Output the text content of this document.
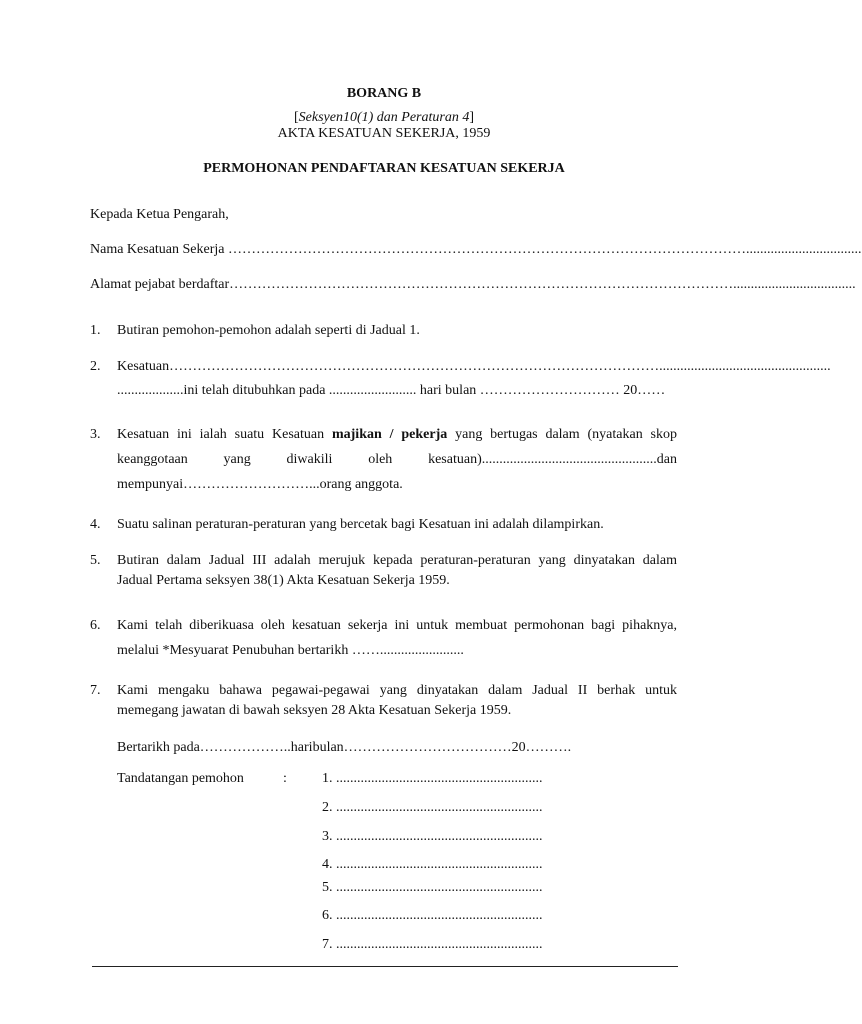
BORANG B
[Seksyen10(1) dan Peraturan 4]
AKTA KESATUAN SEKERJA, 1959
PERMOHONAN PENDAFTARAN KESATUAN SEKERJA
Kepada Ketua Pengarah,
Nama Kesatuan Sekerja ………………………………………………………………………………………………….................................
Alamat pejabat berdaftar………………………………………………………………………………………………...................................
1. Butiran pemohon-pemohon adalah seperti di Jadual 1.
2. Kesatuan…………………………………………………………………………………………….................................................
...................ini telah ditubuhkan pada ......................... hari bulan ………………………… 20……
3. Kesatuan ini ialah suatu Kesatuan majikan / pekerja yang bertugas dalam (nyatakan skop
keanggotaan	yang	diwakili	oleh	kesatuan)..................................................dan
mempunyai………………………...orang anggota.
4. Suatu salinan peraturan-peraturan yang bercetak bagi Kesatuan ini adalah dilampirkan.
5. Butiran dalam Jadual III adalah merujuk kepada peraturan-peraturan yang dinyatakan dalam
Jadual Pertama seksyen 38(1) Akta Kesatuan Sekerja 1959.
6. Kami telah diberikuasa oleh kesatuan sekerja ini untuk membuat permohonan bagi pihaknya,
melalui *Mesyuarat Penubuhan bertarikh ……........................
7. Kami mengaku bahawa pegawai-pegawai yang dinyatakan dalam Jadual II berhak untuk
memegang jawatan di bawah seksyen 28 Akta Kesatuan Sekerja 1959.
Bertarikh pada………………..haribulan………………………………20……….
Tandatangan pemohon	:	1. ...........................................................
2. ...........................................................
3. ...........................................................
4. ...........................................................
5. ...........................................................
6. ...........................................................
7. ...........................................................
